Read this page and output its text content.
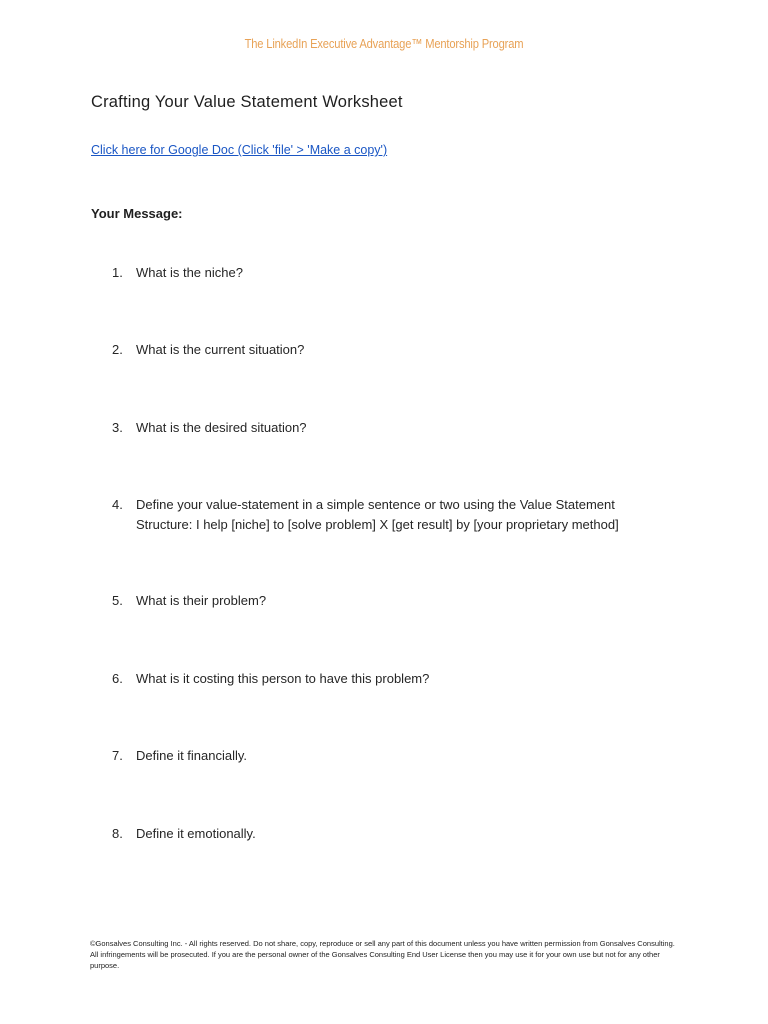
The LinkedIn Executive Advantage™ Mentorship Program
Crafting Your Value Statement Worksheet
Click here for Google Doc (Click 'file' > 'Make a copy')
Your Message:
1. What is the niche?
2. What is the current situation?
3. What is the desired situation?
4. Define your value-statement in a simple sentence or two using the Value Statement Structure: I help [niche] to [solve problem] X [get result] by [your proprietary method]
5. What is their problem?
6. What is it costing this person to have this problem?
7. Define it financially.
8. Define it emotionally.
©Gonsalves Consulting Inc. - All rights reserved. Do not share, copy, reproduce or sell any part of this document unless you have written permission from Gonsalves Consulting. All infringements will be prosecuted. If you are the personal owner of the Gonsalves Consulting End User License then you may use it for your own use but not for any other purpose.
